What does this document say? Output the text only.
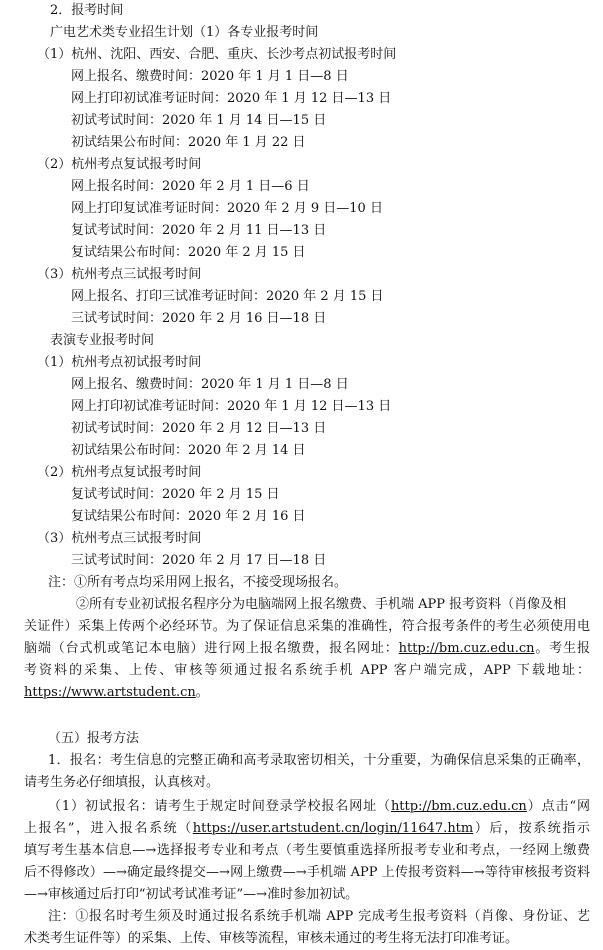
2．报考时间
广电艺术类专业招生计划（1）各专业报考时间
（1）杭州、沈阳、西安、合肥、重庆、长沙考点初试报考时间
网上报名、缴费时间：2020 年 1 月 1 日—8 日
网上打印初试准考证时间：2020 年 1 月 12 日—13 日
初试考试时间：2020 年 1 月 14 日—15 日
初试结果公布时间：2020 年 1 月 22 日
（2）杭州考点复试报考时间
网上报名时间：2020 年 2 月 1 日—6 日
网上打印复试准考证时间：2020 年 2 月 9 日—10 日
复试考试时间：2020 年 2 月 11 日—13 日
复试结果公布时间：2020 年 2 月 15 日
（3）杭州考点三试报考时间
网上报名、打印三试准考证时间：2020 年 2 月 15 日
三试考试时间：2020 年 2 月 16 日—18 日
表演专业报考时间
（1）杭州考点初试报考时间
网上报名、缴费时间：2020 年 1 月 1 日—8 日
网上打印初试准考证时间：2020 年 1 月 12 日—13 日
初试考试时间：2020 年 2 月 12 日—13 日
初试结果公布时间：2020 年 2 月 14 日
（2）杭州考点复试报考时间
复试考试时间：2020 年 2 月 15 日
复试结果公布时间：2020 年 2 月 16 日
（3）杭州考点三试报考时间
三试考试时间：2020 年 2 月 17 日—18 日
注：①所有考点均采用网上报名，不接受现场报名。
②所有专业初试报名程序分为电脑端网上报名缴费、手机端 APP 报考资料（肖像及相
关证件）采集上传两个必经环节。为了保证信息采集的准确性，符合报考条件的考生必须使用电
脑端（台式机或笔记本电脑）进行网上报名缴费，报名网址：http://bm.cuz.edu.cn。考生报
考资料的采集、上传、审核等须通过报名系统手机 APP 客户端完成，APP 下载地址：
https://www.artstudent.cn。
（五）报考方法
1．报名：考生信息的完整正确和高考录取密切相关，十分重要，为确保信息采集的正确率，
请考生务必仔细填报，认真核对。
（1）初试报名：请考生于规定时间登录学校报名网址（http://bm.cuz.edu.cn）点击“网
上报名”，进入报名系统（https://user.artstudent.cn/login/11647.htm）后，按系统指示
填写考生基本信息—→选择报考专业和考点（考生要慎重选择所报考专业和考点，一经网上缴费
后不得修改）—→确定最终提交—→网上缴费—→手机端 APP 上传报考资料—→等待审核报考资料
—→审核通过后打印“初试考试准考证”—→准时参加初试。
注：①报名时考生须及时通过报名系统手机端 APP 完成考生报考资料（肖像、身份证、艺
术类考生证件等）的采集、上传、审核等流程，审核未通过的考生将无法打印准考证。
